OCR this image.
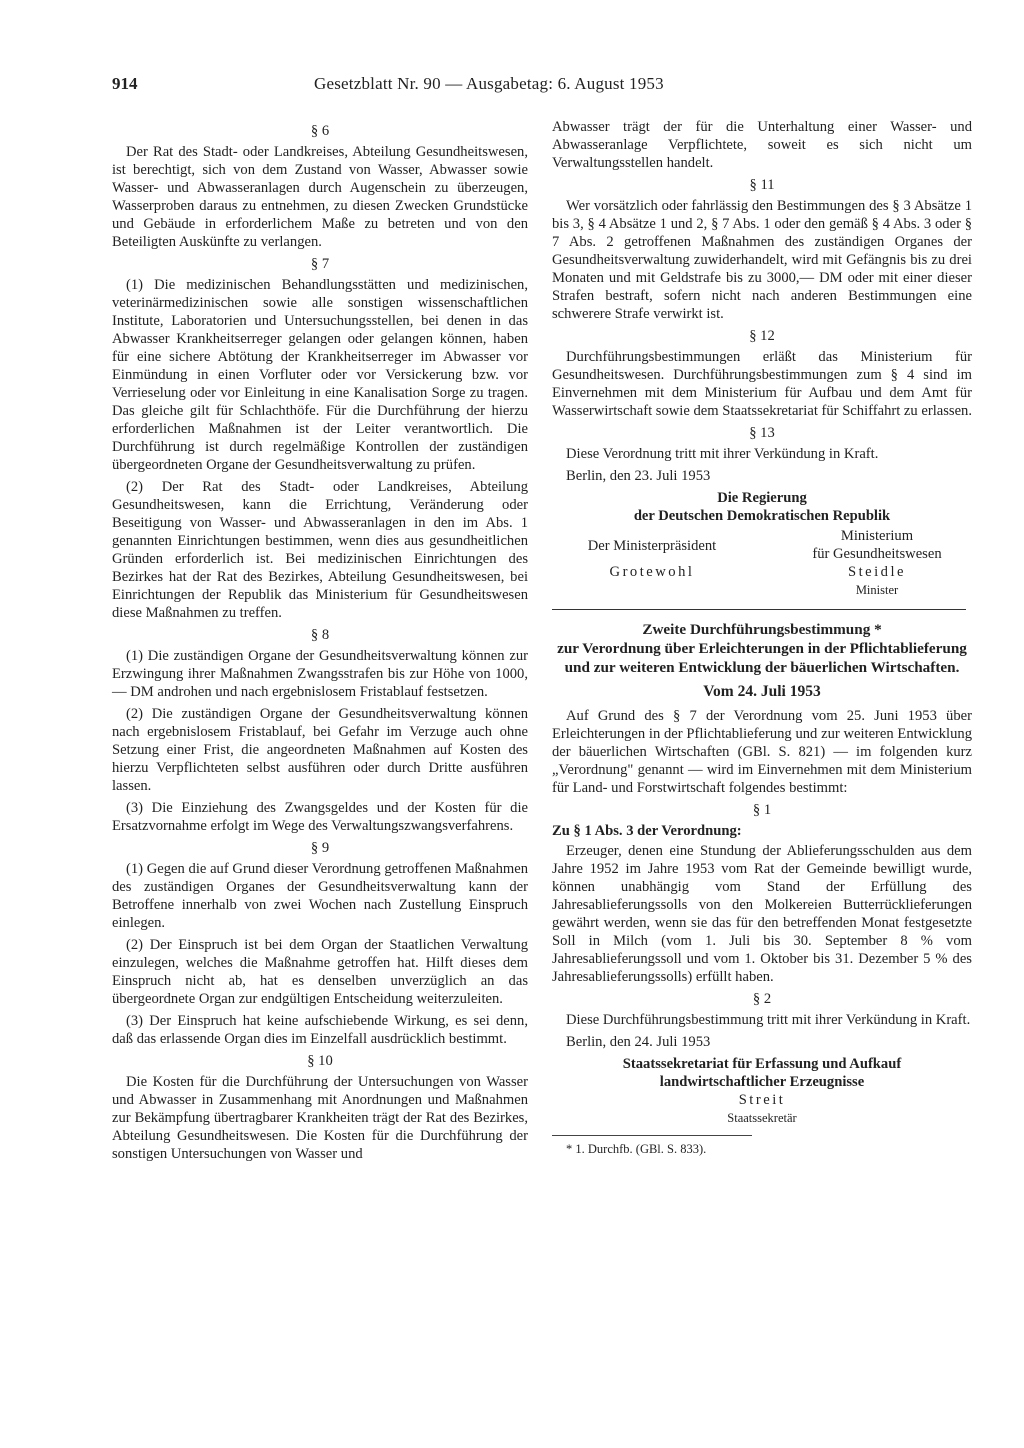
914	Gesetzblatt Nr. 90 — Ausgabetag: 6. August 1953
§ 6

Der Rat des Stadt- oder Landkreises, Abteilung Gesundheitswesen, ist berechtigt, sich von dem Zustand von Wasser, Abwasser sowie Wasser- und Abwasseranlagen durch Augenschein zu überzeugen, Wasserproben daraus zu entnehmen, zu diesen Zwecken Grundstücke und Gebäude in erforderlichem Maße zu betreten und von den Beteiligten Auskünfte zu verlangen.

§ 7

(1) Die medizinischen Behandlungsstätten und medizinischen, veterinärmedizinischen sowie alle sonstigen wissenschaftlichen Institute, Laboratorien und Untersuchungsstellen, bei denen in das Abwasser Krankheitserreger gelangen oder gelangen können, haben für eine sichere Abtötung der Krankheitserreger im Abwasser vor Einmündung in einen Vorfluter oder vor Versickerung bzw. vor Verrieselung oder vor Einleitung in eine Kanalisation Sorge zu tragen. Das gleiche gilt für Schlachthöfe. Für die Durchführung der hierzu erforderlichen Maßnahmen ist der Leiter verantwortlich. Die Durchführung ist durch regelmäßige Kontrollen der zuständigen übergeordneten Organe der Gesundheitsverwaltung zu prüfen.

(2) Der Rat des Stadt- oder Landkreises, Abteilung Gesundheitswesen, kann die Errichtung, Veränderung oder Beseitigung von Wasser- und Abwasseranlagen in den im Abs. 1 genannten Einrichtungen bestimmen, wenn dies aus gesundheitlichen Gründen erforderlich ist. Bei medizinischen Einrichtungen des Bezirkes hat der Rat des Bezirkes, Abteilung Gesundheitswesen, bei Einrichtungen der Republik das Ministerium für Gesundheitswesen diese Maßnahmen zu treffen.

§ 8

(1) Die zuständigen Organe der Gesundheitsverwaltung können zur Erzwingung ihrer Maßnahmen Zwangsstrafen bis zur Höhe von 1000,— DM androhen und nach ergebnislosem Fristablauf festsetzen.

(2) Die zuständigen Organe der Gesundheitsverwaltung können nach ergebnislosem Fristablauf, bei Gefahr im Verzuge auch ohne Setzung einer Frist, die angeordneten Maßnahmen auf Kosten des hierzu Verpflichteten selbst ausführen oder durch Dritte ausführen lassen.

(3) Die Einziehung des Zwangsgeldes und der Kosten für die Ersatzvornahme erfolgt im Wege des Verwaltungszwangsverfahrens.

§ 9

(1) Gegen die auf Grund dieser Verordnung getroffenen Maßnahmen des zuständigen Organes der Gesundheitsverwaltung kann der Betroffene innerhalb von zwei Wochen nach Zustellung Einspruch einlegen.

(2) Der Einspruch ist bei dem Organ der Staatlichen Verwaltung einzulegen, welches die Maßnahme getroffen hat. Hilft dieses dem Einspruch nicht ab, hat es denselben unverzüglich an das übergeordnete Organ zur endgültigen Entscheidung weiterzuleiten.

(3) Der Einspruch hat keine aufschiebende Wirkung, es sei denn, daß das erlassende Organ dies im Einzelfall ausdrücklich bestimmt.

§ 10

Die Kosten für die Durchführung der Untersuchungen von Wasser und Abwasser in Zusammenhang mit Anordnungen und Maßnahmen zur Bekämpfung übertragbarer Krankheiten trägt der Rat des Bezirkes, Abteilung Gesundheitswesen. Die Kosten für die Durchführung der sonstigen Untersuchungen von Wasser und

Abwasser trägt der für die Unterhaltung einer Wasser- und Abwasseranlage Verpflichtete, soweit es sich nicht um Verwaltungsstellen handelt.

§ 11

Wer vorsätzlich oder fahrlässig den Bestimmungen des § 3 Absätze 1 bis 3, § 4 Absätze 1 und 2, § 7 Abs. 1 oder den gemäß § 4 Abs. 3 oder § 7 Abs. 2 getroffenen Maßnahmen des zuständigen Organes der Gesundheitsverwaltung zuwiderhandelt, wird mit Gefängnis bis zu drei Monaten und mit Geldstrafe bis zu 3000,— DM oder mit einer dieser Strafen bestraft, sofern nicht nach anderen Bestimmungen eine schwerere Strafe verwirkt ist.

§ 12

Durchführungsbestimmungen erläßt das Ministerium für Gesundheitswesen. Durchführungsbestimmungen zum § 4 sind im Einvernehmen mit dem Ministerium für Aufbau und dem Amt für Wasserwirtschaft sowie dem Staatssekretariat für Schiffahrt zu erlassen.

§ 13

Diese Verordnung tritt mit ihrer Verkündung in Kraft.

Berlin, den 23. Juli 1953

Die Regierung
der Deutschen Demokratischen Republik
Der Ministerpräsident
Grotewohl
Ministerium
für Gesundheitswesen
Steidle
Minister
Zweite Durchführungsbestimmung *
zur Verordnung über Erleichterungen in der Pflichtablieferung und zur weiteren Entwicklung der bäuerlichen Wirtschaften.
Vom 24. Juli 1953

Auf Grund des § 7 der Verordnung vom 25. Juni 1953 über Erleichterungen in der Pflichtablieferung und zur weiteren Entwicklung der bäuerlichen Wirtschaften (GBl. S. 821) — im folgenden kurz „Verordnung" genannt — wird im Einvernehmen mit dem Ministerium für Land- und Forstwirtschaft folgendes bestimmt:

§ 1

Zu § 1 Abs. 3 der Verordnung:

Erzeuger, denen eine Stundung der Ablieferungsschulden aus dem Jahre 1952 im Jahre 1953 vom Rat der Gemeinde bewilligt wurde, können unabhängig vom Stand der Erfüllung des Jahresablieferungssolls von den Molkereien Butterrücklieferungen gewährt werden, wenn sie das für den betreffenden Monat festgesetzte Soll in Milch (vom 1. Juli bis 30. September 8 % vom Jahresablieferungssoll und vom 1. Oktober bis 31. Dezember 5 % des Jahresablieferungssolls) erfüllt haben.

§ 2

Diese Durchführungsbestimmung tritt mit ihrer Verkündung in Kraft.

Berlin, den 24. Juli 1953

Staatssekretariat für Erfassung und Aufkauf
landwirtschaftlicher Erzeugnisse
Streit
Staatssekretär
* 1. Durchfb. (GBl. S. 833).
